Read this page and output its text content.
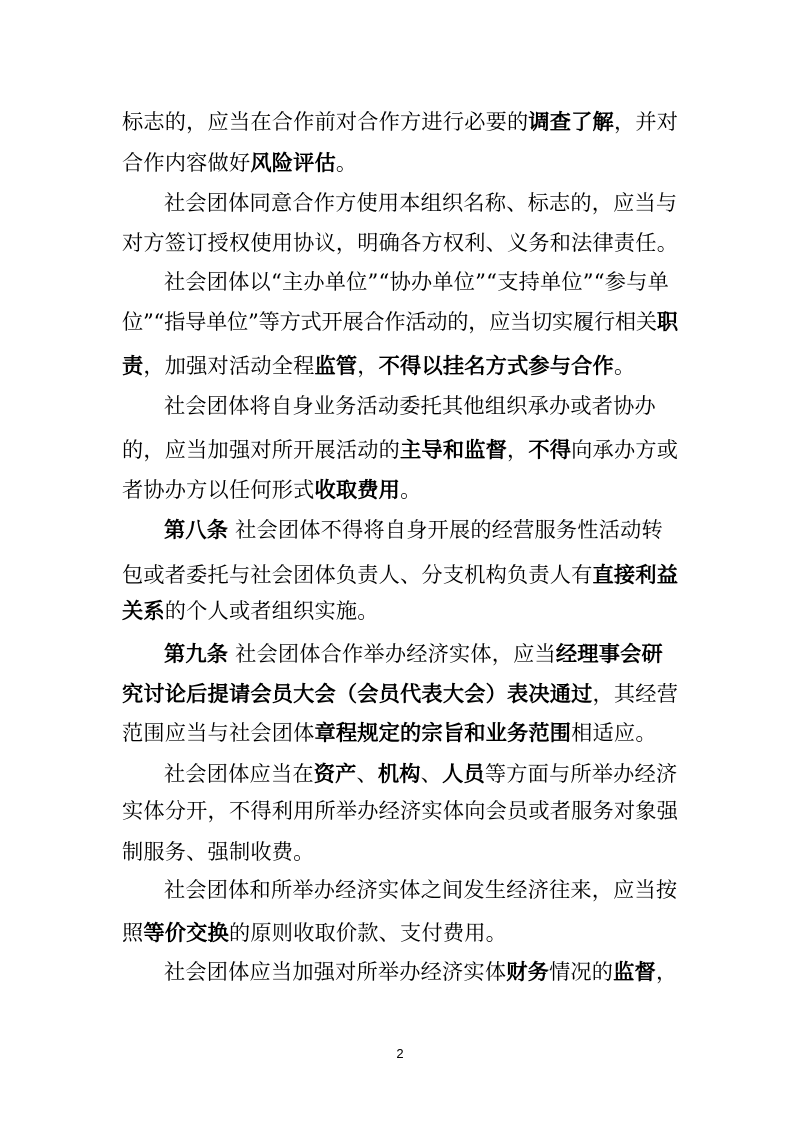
标志的，应当在合作前对合作方进行必要的调查了解，并对
合作内容做好风险评估。
社会团体同意合作方使用本组织名称、标志的，应当与
对方签订授权使用协议，明确各方权利、义务和法律责任。
社会团体以“主办单位”“协办单位”“支持单位”“参与单
位”“指导单位”等方式开展合作活动的，应当切实履行相关职
责，加强对活动全程监管，不得以挂名方式参与合作。
社会团体将自身业务活动委托其他组织承办或者协办
的，应当加强对所开展活动的主导和监督，不得向承办方或
者协办方以任何形式收取费用。
第八条 社会团体不得将自身开展的经营服务性活动转
包或者委托与社会团体负责人、分支机构负责人有直接利益
关系的个人或者组织实施。
第九条 社会团体合作举办经济实体，应当经理事会研
究讨论后提请会员大会（会员代表大会）表决通过，其经营
范围应当与社会团体章程规定的宗旨和业务范围相适应。
社会团体应当在资产、机构、人员等方面与所举办经济
实体分开，不得利用所举办经济实体向会员或者服务对象强
制服务、强制收费。
社会团体和所举办经济实体之间发生经济往来，应当按
照等价交换的原则收取价款、支付费用。
社会团体应当加强对所举办经济实体财务情况的监督，
2
